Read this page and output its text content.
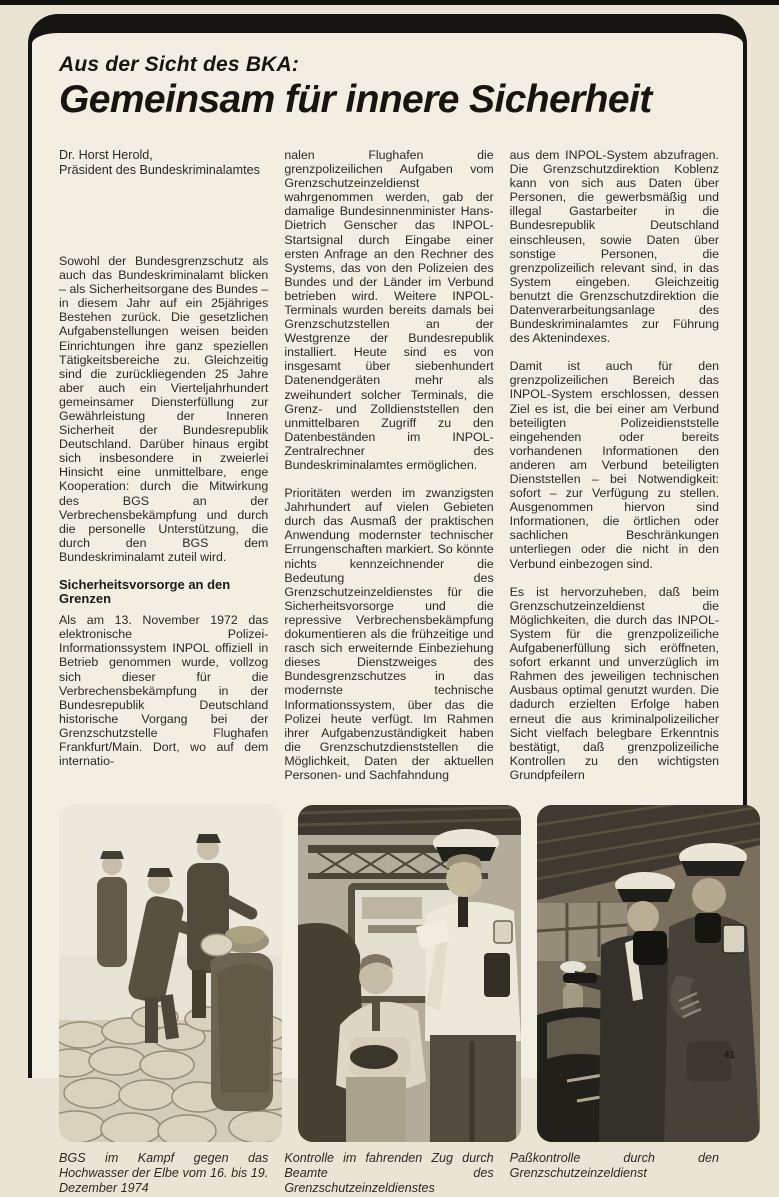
Aus der Sicht des BKA:
Gemeinsam für innere Sicherheit
Dr. Horst Herold,
Präsident des Bundeskriminalamtes

Sowohl der Bundesgrenzschutz als auch das Bundeskriminalamt blicken – als Sicherheitsorgane des Bundes – in diesem Jahr auf ein 25jähriges Bestehen zurück. Die gesetzlichen Aufgabenstellungen weisen beiden Einrichtungen ihre ganz speziellen Tätigkeitsbereiche zu. Gleichzeitig sind die zurückliegenden 25 Jahre aber auch ein Vierteljahrhundert gemeinsamer Diensterfüllung zur Gewährleistung der Inneren Sicherheit der Bundesrepublik Deutschland. Darüber hinaus ergibt sich insbesondere in zweierlei Hinsicht eine unmittelbare, enge Kooperation: durch die Mitwirkung des BGS an der Verbrechensbekämpfung und durch die personelle Unterstützung, die durch den BGS dem Bundeskriminalamt zuteil wird.

Sicherheitsvorsorge an den Grenzen

Als am 13. November 1972 das elektronische Polizei-Informationssystem INPOL offiziell in Betrieb genommen wurde, vollzog sich dieser für die Verbrechensbekämpfung in der Bundesrepublik Deutschland historische Vorgang bei der Grenzschutzstelle Flughafen Frankfurt/Main. Dort, wo auf dem internatio-

nalen Flughafen die grenzpolizeilichen Aufgaben vom Grenzschutzeinzeldienst wahrgenommen werden, gab der damalige Bundesinnenminister Hans-Dietrich Genscher das INPOL-Startsignal durch Eingabe einer ersten Anfrage an den Rechner des Systems, das von den Polizeien des Bundes und der Länder im Verbund betrieben wird. Weitere INPOL-Terminals wurden bereits damals bei Grenzschutzstellen an der Westgrenze der Bundesrepublik installiert. Heute sind es von insgesamt über siebenhundert Datenendgeräten mehr als zweihundert solcher Terminals, die Grenz- und Zolldienststellen den unmittelbaren Zugriff zu den Datenbeständen im INPOL-Zentralrechner des Bundeskriminalamtes ermöglichen.

Prioritäten werden im zwanzigsten Jahrhundert auf vielen Gebieten durch das Ausmaß der praktischen Anwendung modernster technischer Errungenschaften markiert. So könnte nichts kennzeichnender die Bedeutung des Grenzschutzeinzeldienstes für die Sicherheitsvorsorge und die repressive Verbrechensbekämpfung dokumentieren als die frühzeitige und rasch sich erweiternde Einbeziehung dieses Dienstzweiges des Bundesgrenzschutzes in das modernste technische Informationssystem, über das die Polizei heute verfügt. Im Rahmen ihrer Aufgabenzuständigkeit haben die Grenzschutzdienststellen die Möglichkeit, Daten der aktuellen Personen- und Sachfahndung

aus dem INPOL-System abzufragen. Die Grenzschutzdirektion Koblenz kann von sich aus Daten über Personen, die gewerbsmäßig und illegal Gastarbeiter in die Bundesrepublik Deutschland einschleusen, sowie Daten über sonstige Personen, die grenzpolizeilich relevant sind, in das System eingeben. Gleichzeitig benutzt die Grenzschutzdirektion die Datenverarbeitungsanlage des Bundeskriminalamtes zur Führung des Aktenindexes.

Damit ist auch für den grenzpolizeilichen Bereich das INPOL-System erschlossen, dessen Ziel es ist, die bei einer am Verbund beteiligten Polizeidienststelle eingehenden oder bereits vorhandenen Informationen den anderen am Verbund beteiligten Dienststellen – bei Notwendigkeit: sofort – zur Verfügung zu stellen. Ausgenommen hiervon sind Informationen, die örtlichen oder sachlichen Beschränkungen unterliegen oder die nicht in den Verbund einbezogen sind.

Es ist hervorzuheben, daß beim Grenzschutzeinzeldienst die Möglichkeiten, die durch das INPOL-System für die grenzpolizeiliche Aufgabenerfüllung sich eröffneten, sofort erkannt und unverzüglich im Rahmen des jeweiligen technischen Ausbaus optimal genutzt wurden. Die dadurch erzielten Erfolge haben erneut die aus kriminalpolizeilicher Sicht vielfach belegbare Erkenntnis bestätigt, daß grenzpolizeiliche Kontrollen zu den wichtigsten Grundpfeilern

BGS im Kampf gegen das Hochwasser der Elbe vom 16. bis 19. Dezember 1974
Kontrolle im fahrenden Zug durch Beamte des Grenzschutzeinzeldienstes
Paßkontrolle durch den Grenzschutzeinzeldienst
41
